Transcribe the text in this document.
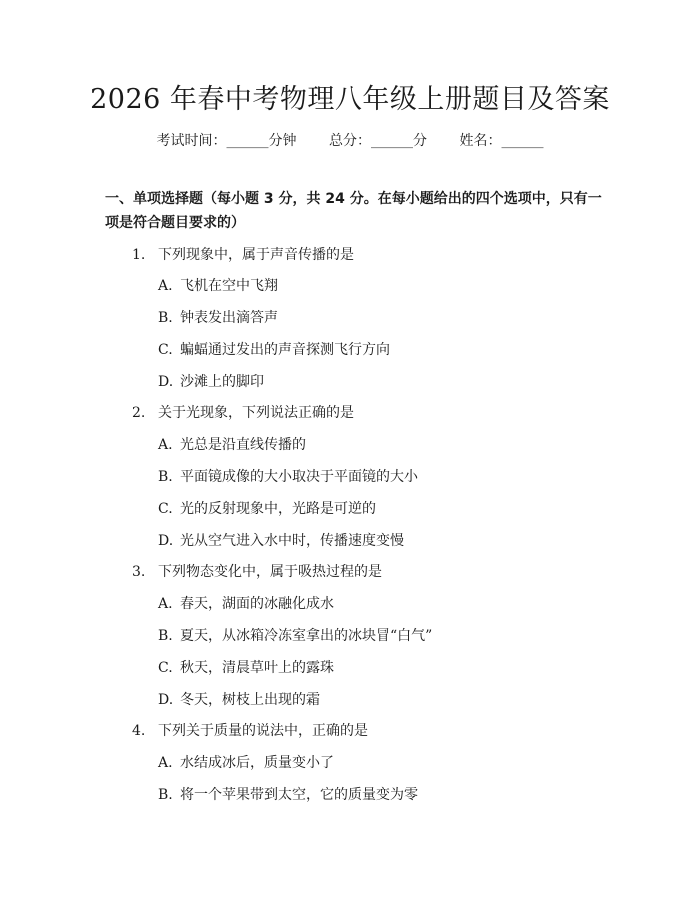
2026 年春中考物理八年级上册题目及答案
考试时间：______分钟 总分：______分 姓名：______
一、单项选择题（每小题 3 分，共 24 分。在每小题给出的四个选项中，只有一项是符合题目要求的）
1. 下列现象中，属于声音传播的是
A. 飞机在空中飞翔
B. 钟表发出滴答声
C. 蝙蝠通过发出的声音探测飞行方向
D. 沙滩上的脚印
2. 关于光现象，下列说法正确的是
A. 光总是沿直线传播的
B. 平面镜成像的大小取决于平面镜的大小
C. 光的反射现象中，光路是可逆的
D. 光从空气进入水中时，传播速度变慢
3. 下列物态变化中，属于吸热过程的是
A. 春天，湖面的冰融化成水
B. 夏天，从冰箱冷冻室拿出的冰块冒“白气”
C. 秋天，清晨草叶上的露珠
D. 冬天，树枝上出现的霜
4. 下列关于质量的说法中，正确的是
A. 水结成冰后，质量变小了
B. 将一个苹果带到太空，它的质量变为零
